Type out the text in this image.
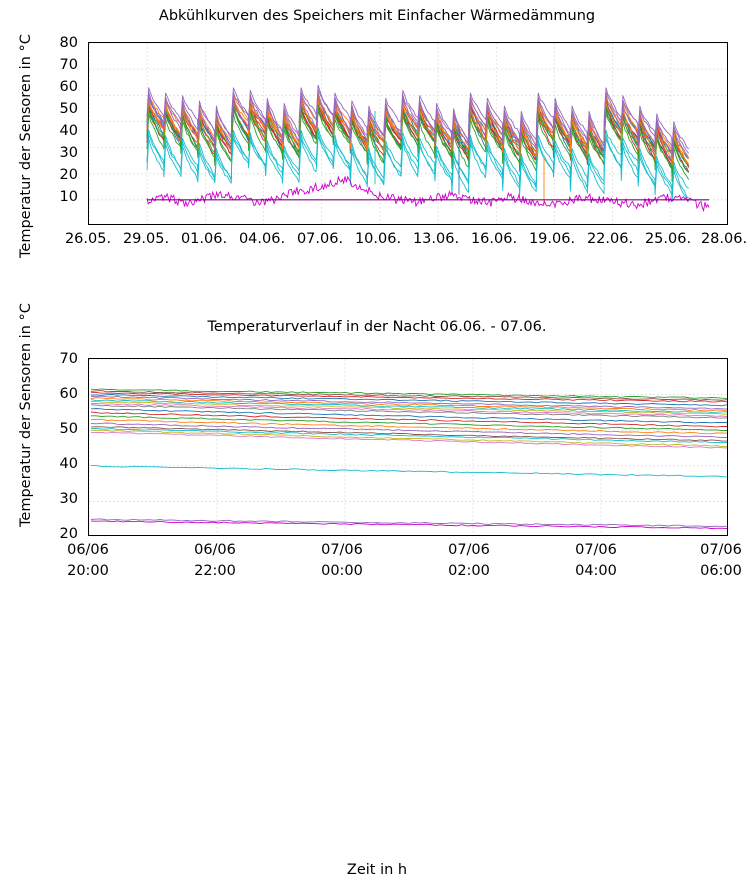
Abkühlkurven des Speichers mit Einfacher Wärmedämmung
Temperatur der Sensoren in °C	80
70
60
50
40
30
20
10
26.05. 29.05. 01.06. 04.06. 07.06. 10.06. 13.06. 16.06. 19.06. 22.06. 25.06. 28.06.
Temperaturverlauf in der Nacht 06.06. - 07.06.
Temperatur der Sensoren in °C	70
60
50
40
30
20
06/06
20:00
06/06
22:00
07/06
00:00
07/06
02:00
07/06
04:00
07/06
06:00
Zeit in h
